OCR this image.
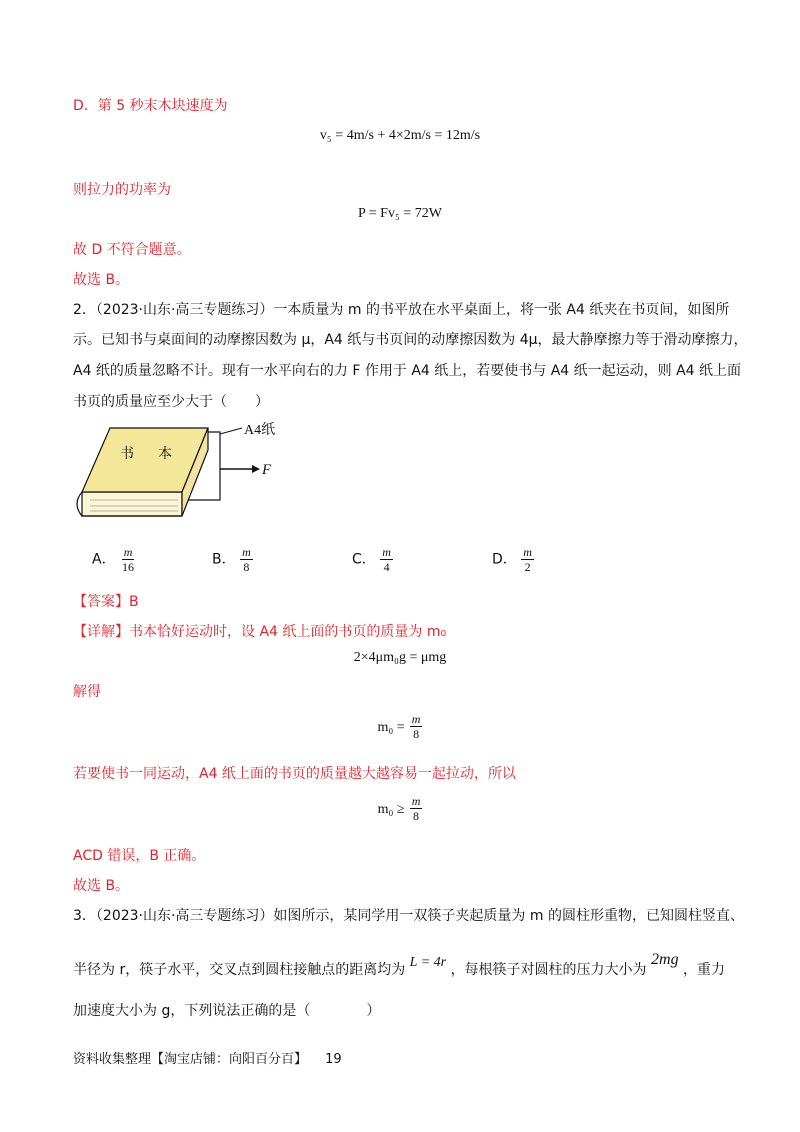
D．第 5 秒末木块速度为
v₅ = 4m/s + 4×2m/s = 12m/s
则拉力的功率为
P = Fv₅ = 72W
故 D 不符合题意。
故选 B。
2．（2023·山东·高三专题练习）一本质量为 m 的书平放在水平桌面上，将一张 A4 纸夹在书页间，如图所
示。已知书与桌面间的动摩擦因数为 μ，A4 纸与书页间的动摩擦因数为 4μ，最大静摩擦力等于滑动摩擦力，
A4 纸的质量忽略不计。现有一水平向右的力 F 作用于 A4 纸上，若要使书与 A4 纸一起运动，则 A4 纸上面
书页的质量应至少大于（　　）
书 本
A4纸
F
A． $\frac{m}{16}$	B． $\frac{m}{8}$	C． $\frac{m}{4}$	D． $\frac{m}{2}$
【答案】B
【详解】书本恰好运动时，设 A4 纸上面的书页的质量为 m₀
2×4μm₀g = μmg
解得
$m_0 = \frac{m}{8}$
若要使书一同运动，A4 纸上面的书页的质量越大越容易一起拉动，所以
$m_0 \ge \frac{m}{8}$
ACD 错误，B 正确。
故选 B。
3．（2023·山东·高三专题练习）如图所示，某同学用一双筷子夹起质量为 m 的圆柱形重物，已知圆柱竖直、
半径为 r，筷子水平，交叉点到圆柱接触点的距离均为 L = 4r ，每根筷子对圆柱的压力大小为 2mg ，重力
加速度大小为 g，下列说法正确的是（　　　　）
资料收集整理【淘宝店铺：向阳百分百】 19
